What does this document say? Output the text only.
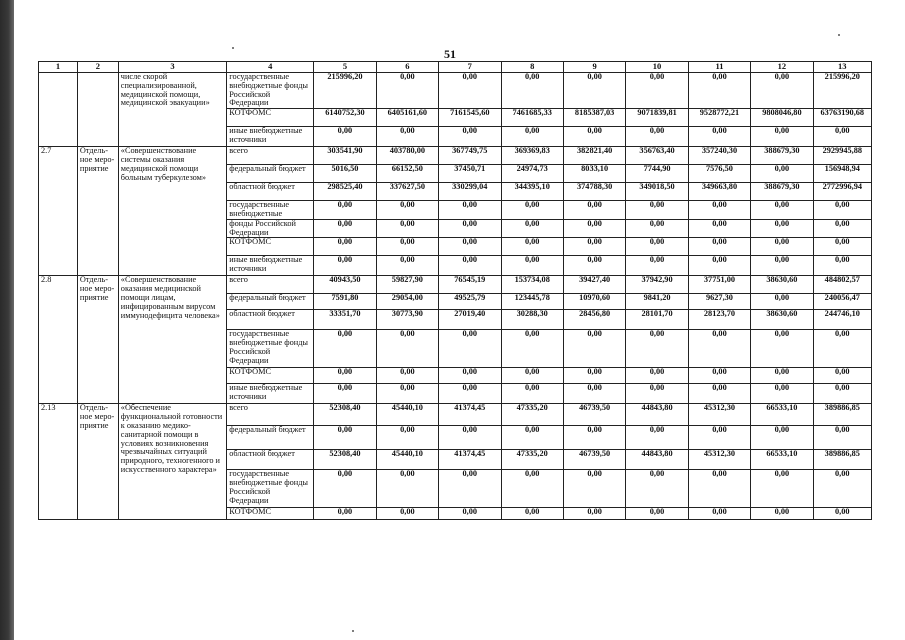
51
1	2	3	4	5	6	7	8	9	10	11	12	13
		числе скорой специализированной, медицинской помощи, медицинской эвакуации»	государственные внебюджетные фонды Российской Федерации	215996,20	0,00	0,00	0,00	0,00	0,00	0,00	0,00	215996,20
			КОТФОМС	6140752,30	6405161,60	7161545,60	7461685,33	8185387,03	9071839,81	9528772,21	9808046,80	63763190,68
			иные внебюджетные источники	0,00	0,00	0,00	0,00	0,00	0,00	0,00	0,00	0,00
2.7	Отдель-ное меро-приятие	«Совершенствование системы оказания медицинской помощи больным туберкулезом»	всего	303541,90	403780,00	367749,75	369369,83	382821,40	356763,40	357240,30	388679,30	2929945,88
			федеральный бюджет	5016,50	66152,50	37450,71	24974,73	8033,10	7744,90	7576,50	0,00	156948,94
			областной бюджет	298525,40	337627,50	330299,04	344395,10	374788,30	349018,50	349663,80	388679,30	2772996,94
			государственные внебюджетные	0,00	0,00	0,00	0,00	0,00	0,00	0,00	0,00	0,00
			фонды Российской Федерации	0,00	0,00	0,00	0,00	0,00	0,00	0,00	0,00	0,00
			КОТФОМС	0,00	0,00	0,00	0,00	0,00	0,00	0,00	0,00	0,00
			иные внебюджетные источники	0,00	0,00	0,00	0,00	0,00	0,00	0,00	0,00	0,00
2.8	Отдель-ное меро-приятие	«Совершенствование оказания медицинской помощи лицам, инфицированным вирусом иммунодефицита человека»	всего	40943,50	59827,90	76545,19	153734,08	39427,40	37942,90	37751,00	38630,60	484802,57
			федеральный бюджет	7591,80	29054,00	49525,79	123445,78	10970,60	9841,20	9627,30	0,00	240056,47
			областной бюджет	33351,70	30773,90	27019,40	30288,30	28456,80	28101,70	28123,70	38630,60	244746,10
			государственные внебюджетные фонды Российской Федерации	0,00	0,00	0,00	0,00	0,00	0,00	0,00	0,00	0,00
			КОТФОМС	0,00	0,00	0,00	0,00	0,00	0,00	0,00	0,00	0,00
			иные внебюджетные источники	0,00	0,00	0,00	0,00	0,00	0,00	0,00	0,00	0,00
2.13	Отдель-ное меро-приятие	«Обеспечение функциональной готовности к оказанию медико-санитарной помощи в условиях возникновения чрезвычайных ситуаций природного, техногенного и искусственного характера»	всего	52308,40	45440,10	41374,45	47335,20	46739,50	44843,80	45312,30	66533,10	389886,85
			федеральный бюджет	0,00	0,00	0,00	0,00	0,00	0,00	0,00	0,00	0,00
			областной бюджет	52308,40	45440,10	41374,45	47335,20	46739,50	44843,80	45312,30	66533,10	389886,85
			государственные внебюджетные фонды Российской Федерации	0,00	0,00	0,00	0,00	0,00	0,00	0,00	0,00	0,00
			КОТФОМС	0,00	0,00	0,00	0,00	0,00	0,00	0,00	0,00	0,00
